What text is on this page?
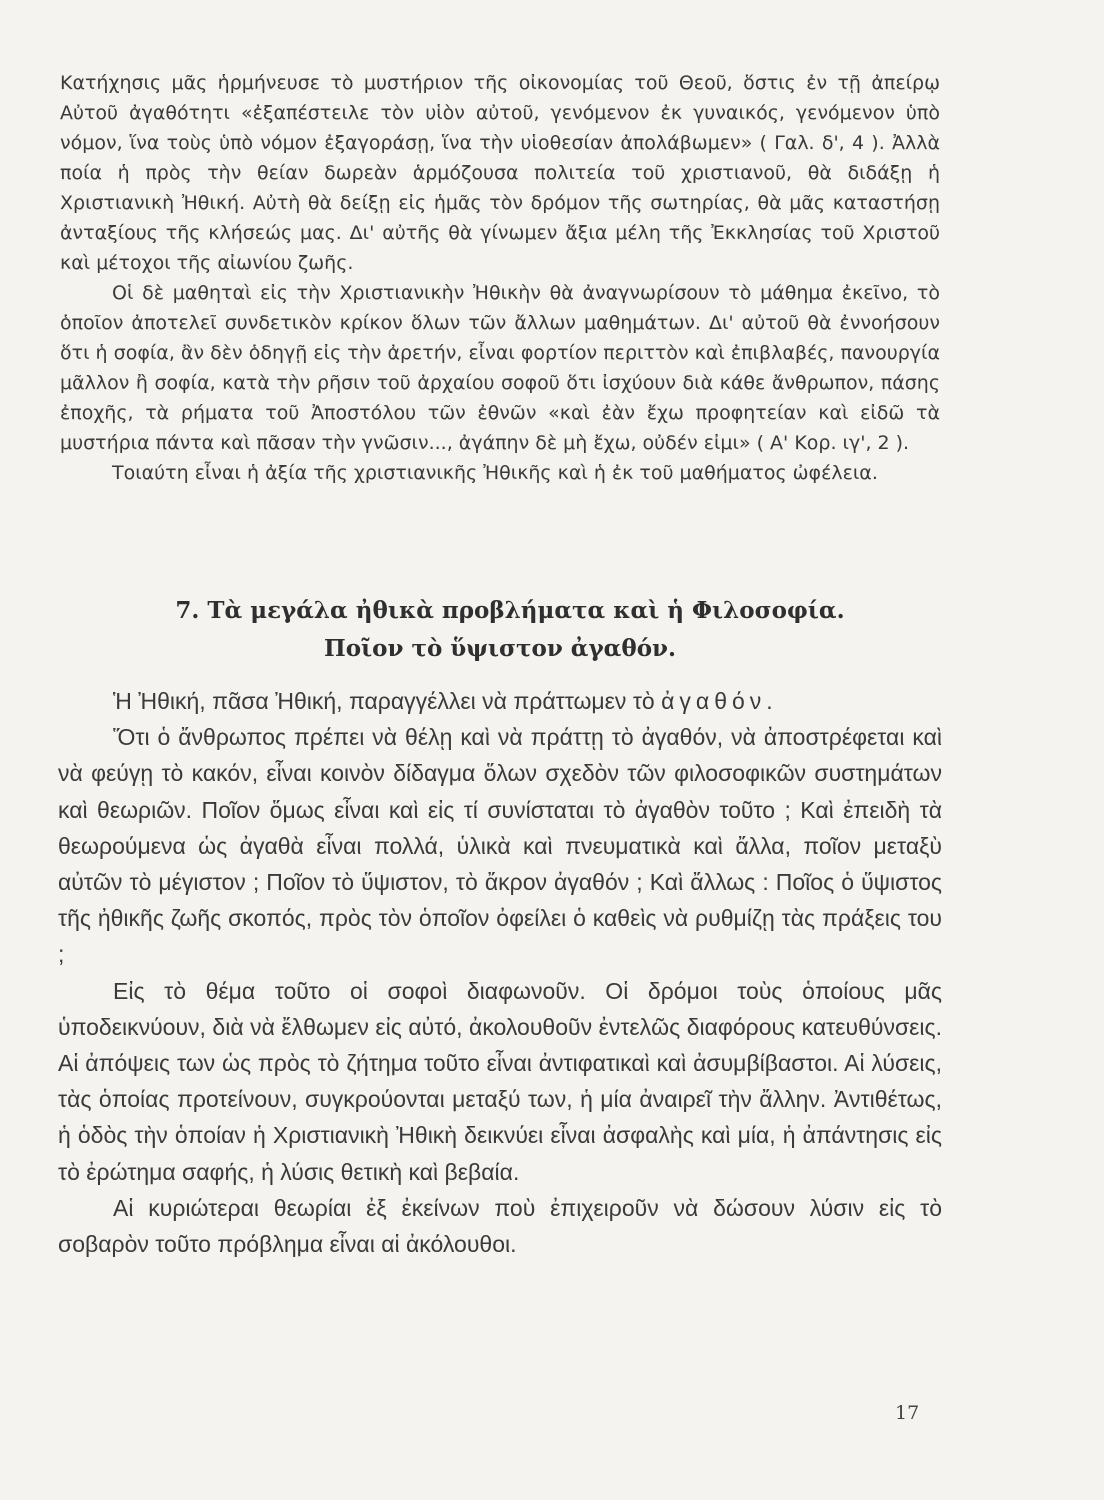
Κατήχησις μᾶς ἡρμήνευσε τὸ μυστήριον τῆς οἰκονομίας τοῦ Θεοῦ, ὅστις ἐν τῇ ἀπείρῳ Αὐτοῦ ἀγαθότητι «ἐξαπέστειλε τὸν υἱὸν αὐτοῦ, γενόμενον ἐκ γυναικός, γενόμενον ὑπὸ νόμον, ἵνα τοὺς ὑπὸ νόμον ἐξαγοράσῃ, ἵνα τὴν υἱοθεσίαν ἀπολάβωμεν» ( Γαλ. δ', 4 ). Ἀλλὰ ποία ἡ πρὸς τὴν θείαν δωρεὰν ἁρμόζουσα πολιτεία τοῦ χριστιανοῦ, θὰ διδάξῃ ἡ Χριστιανικὴ Ἠθική. Αὐτὴ θὰ δείξῃ εἰς ἡμᾶς τὸν δρόμον τῆς σωτηρίας, θὰ μᾶς καταστήσῃ ἀνταξίους τῆς κλήσεώς μας. Δι' αὐτῆς θὰ γίνωμεν ἄξια μέλη τῆς Ἐκκλησίας τοῦ Χριστοῦ καὶ μέτοχοι τῆς αἰωνίου ζωῆς.

Οἱ δὲ μαθηταὶ εἰς τὴν Χριστιανικὴν Ἠθικὴν θὰ ἀναγνωρίσουν τὸ μάθημα ἐκεῖνο, τὸ ὁποῖον ἀποτελεῖ συνδετικὸν κρίκον ὅλων τῶν ἄλλων μαθημάτων. Δι' αὐτοῦ θὰ ἐννοήσουν ὅτι ἡ σοφία, ἂν δὲν ὁδηγῇ εἰς τὴν ἀρετήν, εἶναι φορτίον περιττὸν καὶ ἐπιβλαβές, πανουργία μᾶλλον ἢ σοφία, κατὰ τὴν ρῆσιν τοῦ ἀρχαίου σοφοῦ ὅτι ἰσχύουν διὰ κάθε ἄνθρωπον, πάσης ἐποχῆς, τὰ ρήματα τοῦ Ἀποστόλου τῶν ἐθνῶν «καὶ ἐὰν ἔχω προφητείαν καὶ εἰδῶ τὰ μυστήρια πάντα καὶ πᾶσαν τὴν γνῶσιν..., ἀγάπην δὲ μὴ ἔχω, οὐδέν εἰμι» ( Α' Κορ. ιγ', 2 ).

Τοιαύτη εἶναι ἡ ἀξία τῆς χριστιανικῆς Ἠθικῆς καὶ ἡ ἐκ τοῦ μαθήματος ὠφέλεια.

7. Τὰ μεγάλα ἠθικὰ προβλήματα καὶ ἡ Φιλοσοφία.
Ποῖον τὸ ὕψιστον ἀγαθόν.

Ἡ Ἠθική, πᾶσα Ἠθική, παραγγέλλει νὰ πράττωμεν τὸ ἀγαθόν.

Ὅτι ὁ ἄνθρωπος πρέπει νὰ θέλῃ καὶ νὰ πράττῃ τὸ ἀγαθόν, νὰ ἀποστρέφεται καὶ νὰ φεύγῃ τὸ κακόν, εἶναι κοινὸν δίδαγμα ὅλων σχεδὸν τῶν φιλοσοφικῶν συστημάτων καὶ θεωριῶν. Ποῖον ὅμως εἶναι καὶ εἰς τί συνίσταται τὸ ἀγαθὸν τοῦτο ; Καὶ ἐπειδὴ τὰ θεωρούμενα ὡς ἀγαθὰ εἶναι πολλά, ὑλικὰ καὶ πνευματικὰ καὶ ἄλλα, ποῖον μεταξὺ αὐτῶν τὸ μέγιστον ; Ποῖον τὸ ὕψιστον, τὸ ἄκρον ἀγαθόν ; Καὶ ἄλλως : Ποῖος ὁ ὕψιστος τῆς ἠθικῆς ζωῆς σκοπός, πρὸς τὸν ὁποῖον ὀφείλει ὁ καθεὶς νὰ ρυθμίζῃ τὰς πράξεις του ;

Εἰς τὸ θέμα τοῦτο οἱ σοφοὶ διαφωνοῦν. Οἱ δρόμοι τοὺς ὁποίους μᾶς ὑποδεικνύουν, διὰ νὰ ἔλθωμεν εἰς αὐτό, ἀκολουθοῦν ἐντελῶς διαφόρους κατευθύνσεις. Αἱ ἀπόψεις των ὡς πρὸς τὸ ζήτημα τοῦτο εἶναι ἀντιφατικαὶ καὶ ἀσυμβίβαστοι. Αἱ λύσεις, τὰς ὁποίας προτείνουν, συγκρούονται μεταξύ των, ἡ μία ἀναιρεῖ τὴν ἄλλην. Ἀντιθέτως, ἡ ὁδὸς τὴν ὁποίαν ἡ Χριστιανικὴ Ἠθικὴ δεικνύει εἶναι ἀσφαλὴς καὶ μία, ἡ ἀπάντησις εἰς τὸ ἐρώτημα σαφής, ἡ λύσις θετικὴ καὶ βεβαία.

Αἱ κυριώτεραι θεωρίαι ἐξ ἐκείνων ποὺ ἐπιχειροῦν νὰ δώσουν λύσιν εἰς τὸ σοβαρὸν τοῦτο πρόβλημα εἶναι αἱ ἀκόλουθοι.

17
